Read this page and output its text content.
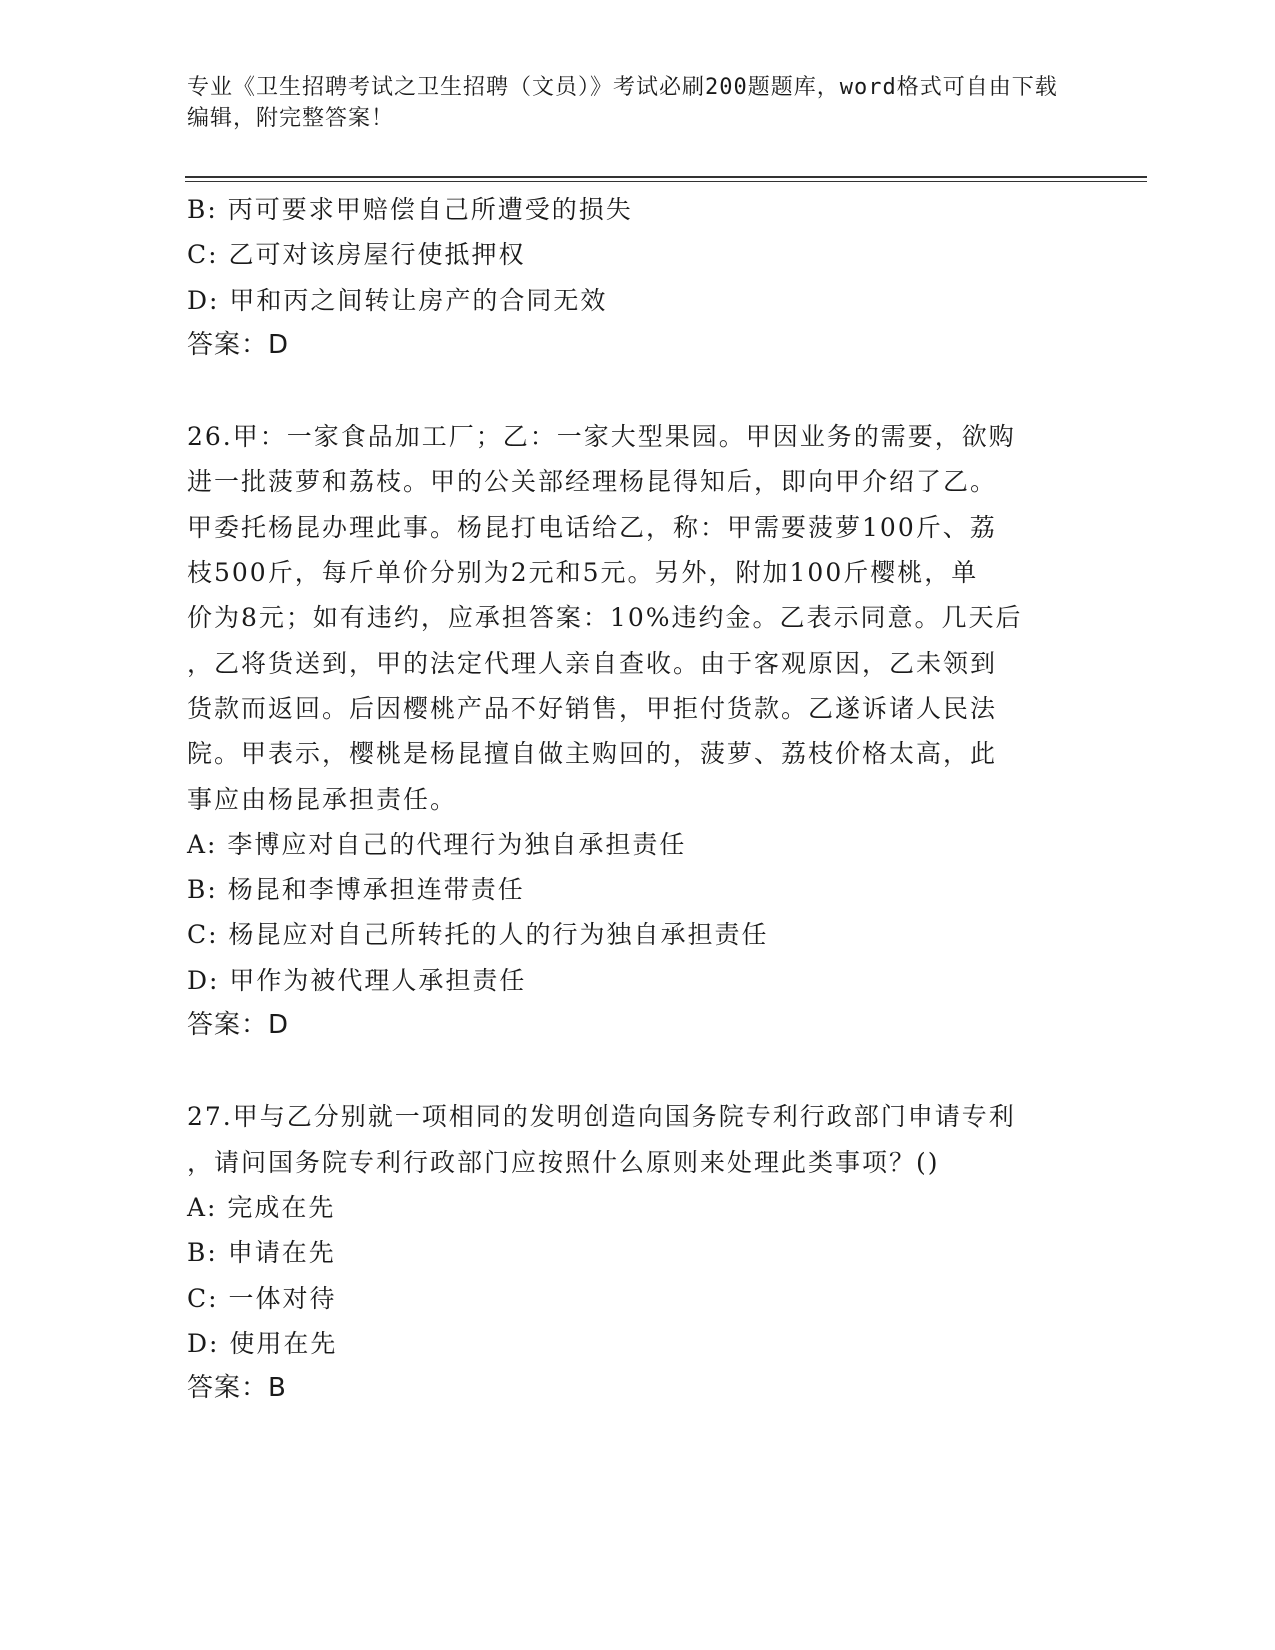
专业《卫生招聘考试之卫生招聘（文员）》考试必刷200题题库，word格式可自由下载编辑，附完整答案！
B: 丙可要求甲赔偿自己所遭受的损失
C: 乙可对该房屋行使抵押权
D: 甲和丙之间转让房产的合同无效
答案：D
26.甲：一家食品加工厂；乙：一家大型果园。甲因业务的需要，欲购
进一批菠萝和荔枝。甲的公关部经理杨昆得知后，即向甲介绍了乙。
甲委托杨昆办理此事。杨昆打电话给乙，称：甲需要菠萝100斤、荔
枝500斤，每斤单价分别为2元和5元。另外，附加100斤樱桃，单
价为8元；如有违约，应承担答案：10%违约金。乙表示同意。几天后
，乙将货送到，甲的法定代理人亲自查收。由于客观原因，乙未领到
货款而返回。后因樱桃产品不好销售，甲拒付货款。乙遂诉诸人民法
院。甲表示，樱桃是杨昆擅自做主购回的，菠萝、荔枝价格太高，此
事应由杨昆承担责任。
A: 李博应对自己的代理行为独自承担责任
B: 杨昆和李博承担连带责任
C: 杨昆应对自己所转托的人的行为独自承担责任
D: 甲作为被代理人承担责任
答案：D
27.甲与乙分别就一项相同的发明创造向国务院专利行政部门申请专利
，请问国务院专利行政部门应按照什么原则来处理此类事项？()
A: 完成在先
B: 申请在先
C: 一体对待
D: 使用在先
答案：B
